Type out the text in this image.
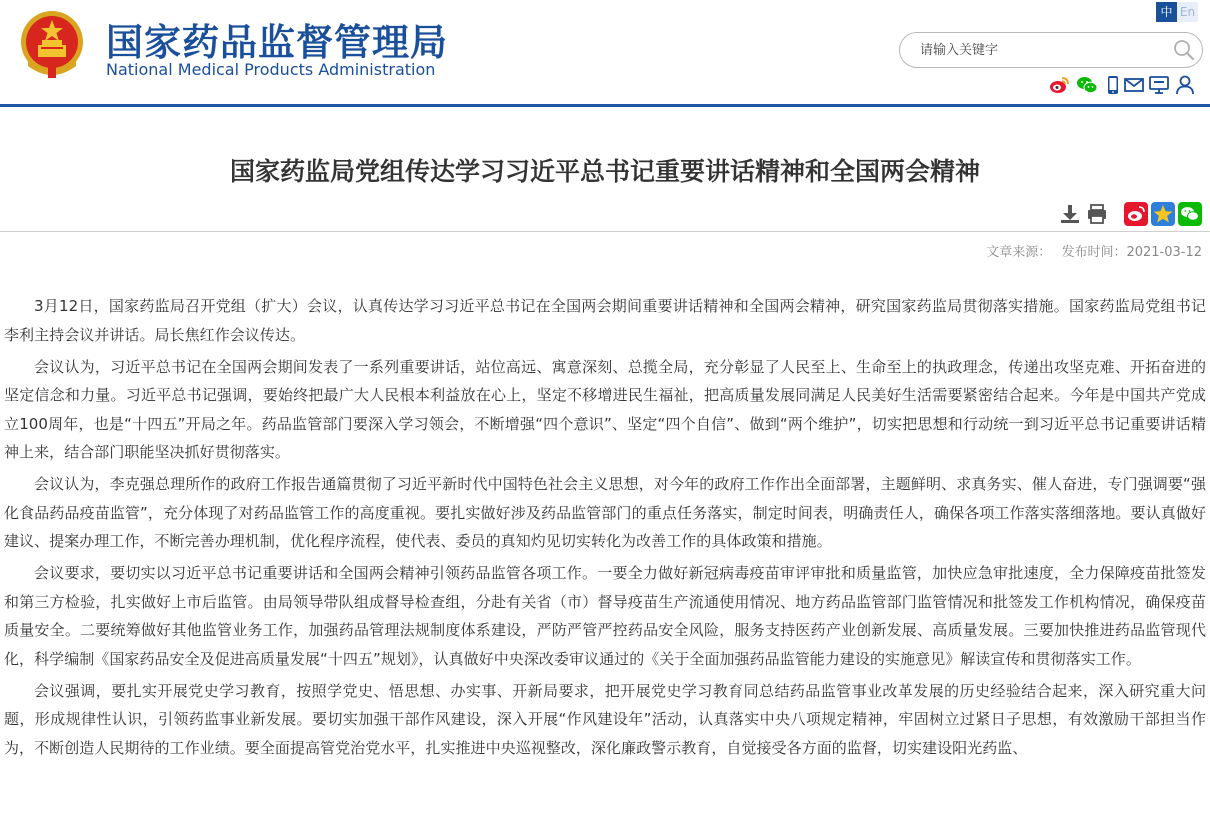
国家药品监督管理局
National Medical Products Administration
中 En
请输入关键字
国家药监局党组传达学习习近平总书记重要讲话精神和全国两会精神
文章来源： 发布时间：2021-03-12

3月12日，国家药监局召开党组（扩大）会议，认真传达学习习近平总书记在全国两会期间重要讲话精神和全国两会精神，研究国家药监局贯彻落实措施。国家药监局党组书记李利主持会议并讲话。局长焦红作会议传达。

会议认为，习近平总书记在全国两会期间发表了一系列重要讲话，站位高远、寓意深刻、总揽全局，充分彰显了人民至上、生命至上的执政理念，传递出攻坚克难、开拓奋进的坚定信念和力量。习近平总书记强调，要始终把最广大人民根本利益放在心上，坚定不移增进民生福祉，把高质量发展同满足人民美好生活需要紧密结合起来。今年是中国共产党成立100周年，也是“十四五”开局之年。药品监管部门要深入学习领会，不断增强“四个意识”、坚定“四个自信”、做到“两个维护”，切实把思想和行动统一到习近平总书记重要讲话精神上来，结合部门职能坚决抓好贯彻落实。

会议认为，李克强总理所作的政府工作报告通篇贯彻了习近平新时代中国特色社会主义思想，对今年的政府工作作出全面部署，主题鲜明、求真务实、催人奋进，专门强调要“强化食品药品疫苗监管”，充分体现了对药品监管工作的高度重视。要扎实做好涉及药品监管部门的重点任务落实，制定时间表，明确责任人，确保各项工作落实落细落地。要认真做好建议、提案办理工作，不断完善办理机制，优化程序流程，使代表、委员的真知灼见切实转化为改善工作的具体政策和措施。

会议要求，要切实以习近平总书记重要讲话和全国两会精神引领药品监管各项工作。一要全力做好新冠病毒疫苗审评审批和质量监管，加快应急审批速度，全力保障疫苗批签发和第三方检验，扎实做好上市后监管。由局领导带队组成督导检查组，分赴有关省（市）督导疫苗生产流通使用情况、地方药品监管部门监管情况和批签发工作机构情况，确保疫苗质量安全。二要统筹做好其他监管业务工作，加强药品管理法规制度体系建设，严防严管严控药品安全风险，服务支持医药产业创新发展、高质量发展。三要加快推进药品监管现代化，科学编制《国家药品安全及促进高质量发展“十四五”规划》，认真做好中央深改委审议通过的《关于全面加强药品监管能力建设的实施意见》解读宣传和贯彻落实工作。

会议强调，要扎实开展党史学习教育，按照学党史、悟思想、办实事、开新局要求，把开展党史学习教育同总结药品监管事业改革发展的历史经验结合起来，深入研究重大问题，形成规律性认识，引领药监事业新发展。要切实加强干部作风建设，深入开展“作风建设年”活动，认真落实中央八项规定精神，牢固树立过紧日子思想，有效激励干部担当作为，不断创造人民期待的工作业绩。要全面提高管党治党水平，扎实推进中央巡视整改，深化廉政警示教育，自觉接受各方面的监督，切实建设阳光药监、
